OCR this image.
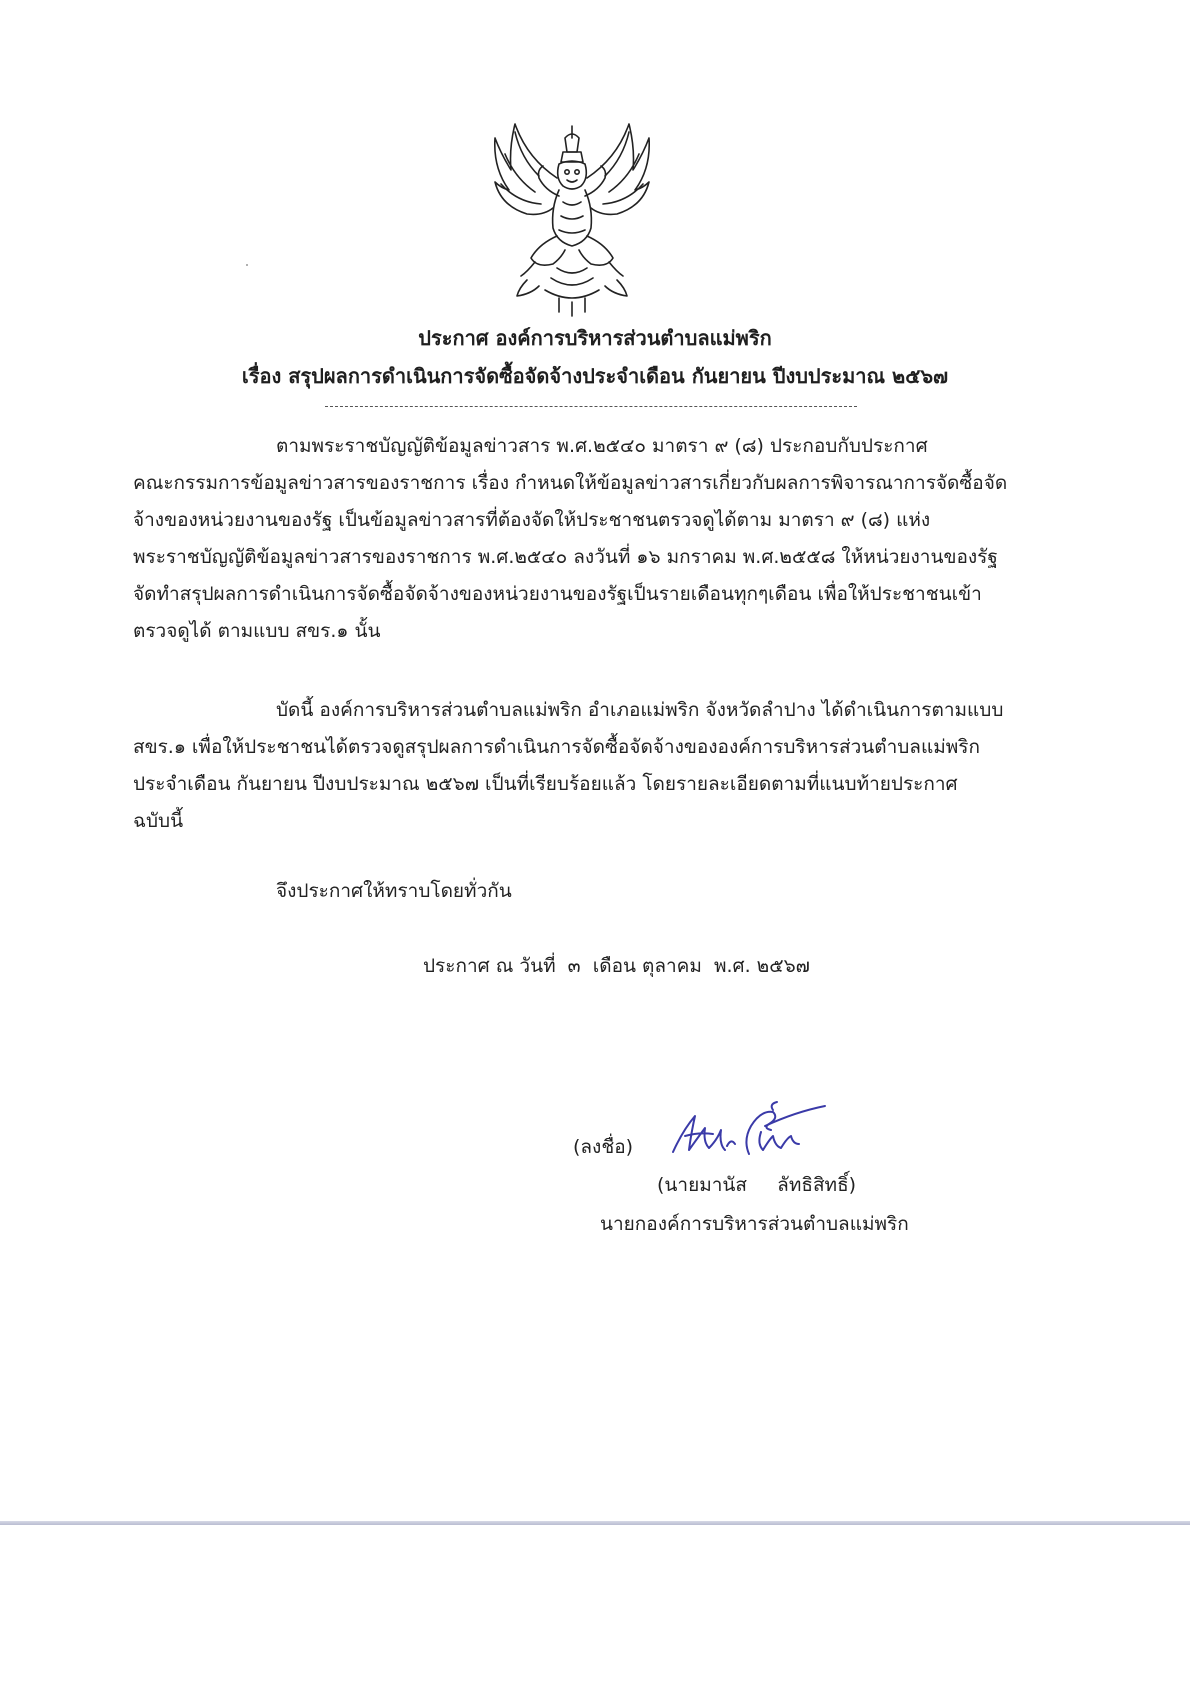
ประกาศ องค์การบริหารส่วนตำบลแม่พริก
เรื่อง สรุปผลการดำเนินการจัดซื้อจัดจ้างประจำเดือน กันยายน ปีงบประมาณ ๒๕๖๗
ตามพระราชบัญญัติข้อมูลข่าวสาร พ.ศ.๒๕๔๐ มาตรา ๙ (๘) ประกอบกับประกาศ
คณะกรรมการข้อมูลข่าวสารของราชการ เรื่อง กำหนดให้ข้อมูลข่าวสารเกี่ยวกับผลการพิจารณาการจัดซื้อจัด
จ้างของหน่วยงานของรัฐ เป็นข้อมูลข่าวสารที่ต้องจัดให้ประชาชนตรวจดูได้ตาม มาตรา ๙ (๘) แห่ง
พระราชบัญญัติข้อมูลข่าวสารของราชการ พ.ศ.๒๕๔๐ ลงวันที่ ๑๖ มกราคม พ.ศ.๒๕๕๘ ให้หน่วยงานของรัฐ
จัดทำสรุปผลการดำเนินการจัดซื้อจัดจ้างของหน่วยงานของรัฐเป็นรายเดือนทุกๆเดือน เพื่อให้ประชาชนเข้า
ตรวจดูได้ ตามแบบ สขร.๑ นั้น
บัดนี้ องค์การบริหารส่วนตำบลแม่พริก อำเภอแม่พริก จังหวัดลำปาง ได้ดำเนินการตามแบบ
สขร.๑ เพื่อให้ประชาชนได้ตรวจดูสรุปผลการดำเนินการจัดซื้อจัดจ้างขององค์การบริหารส่วนตำบลแม่พริก
ประจำเดือน กันยายน ปีงบประมาณ ๒๕๖๗ เป็นที่เรียบร้อยแล้ว โดยรายละเอียดตามที่แนบท้ายประกาศ
ฉบับนี้
จึงประกาศให้ทราบโดยทั่วกัน
ประกาศ ณ วันที่  ๓  เดือน ตุลาคม  พ.ศ. ๒๕๖๗
(ลงชื่อ)
(นายมานัส     ลัทธิสิทธิ์)
นายกองค์การบริหารส่วนตำบลแม่พริก
